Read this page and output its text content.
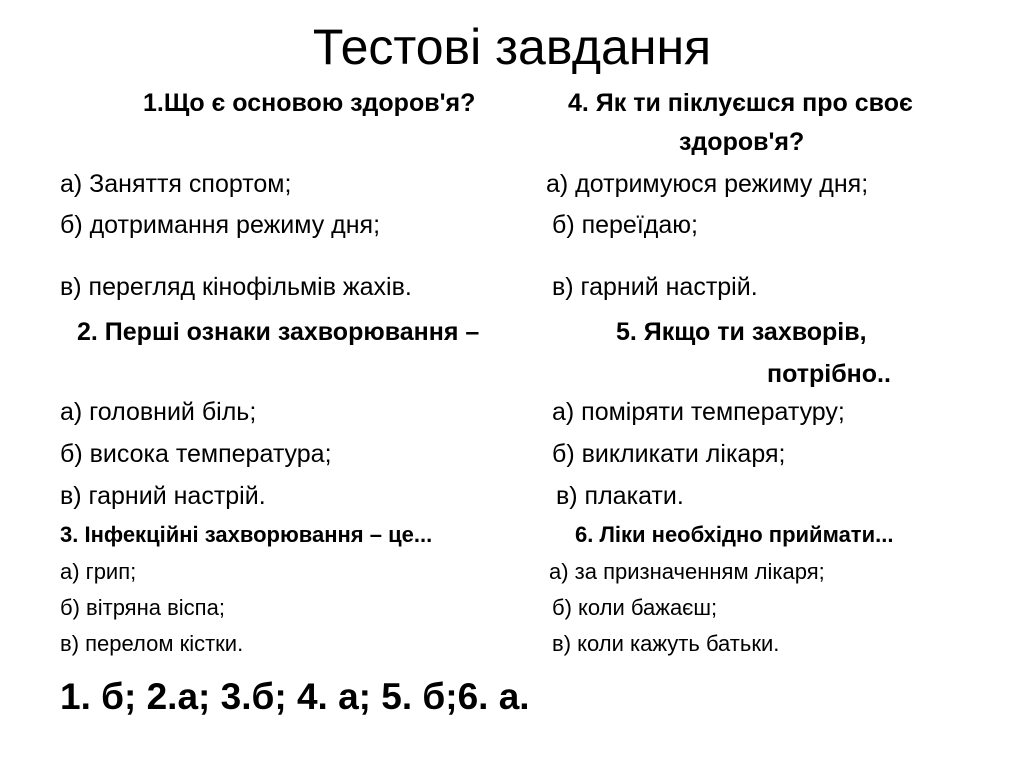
Тестові завдання
1.Що є основою здоров'я?
а) Заняття спортом;
б) дотримання режиму дня;
в) перегляд кінофільмів жахів.
4. Як ти піклуєшся про своє
здоров'я?
а) дотримуюся режиму дня;
б) переїдаю;
в) гарний настрій.
2. Перші ознаки захворювання –
а) головний біль;
б) висока температура;
в) гарний настрій.
5. Якщо ти захворів,
потрібно..
а) поміряти температуру;
б) викликати лікаря;
в) плакати.
3. Інфекційні захворювання – це...
а) грип;
б) вітряна віспа;
в) перелом кістки.
6. Ліки необхідно приймати...
а) за призначенням лікаря;
б) коли бажаєш;
в) коли кажуть батьки.
1. б; 2.а; 3.б; 4. а; 5. б;6. а.
